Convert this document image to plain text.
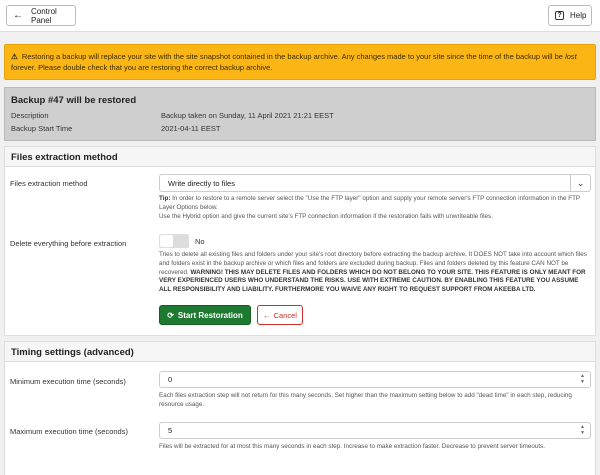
← Control Panel	? Help
⚠ Restoring a backup will replace your site with the site snapshot contained in the backup archive. Any changes made to your site since the time of the backup will be lost forever. Please double check that you are restoring the correct backup archive.
Backup #47 will be restored
Description	Backup taken on Sunday, 11 April 2021 21:21 EEST
Backup Start Time	2021-04-11 EEST
Files extraction method
Files extraction method	Write directly to files	⌄
Tip: In order to restore to a remote server select the "Use the FTP layer" option and supply your remote server's FTP connection information in the FTP Layer Options below.
Use the Hybrid option and give the current site's FTP connection information if the restoration fails with unwriteable files.
Delete everything before extraction	No
Tries to delete all existing files and folders under your site's root directory before extracting the backup archive. It DOES NOT take into account which files and folders exist in the backup archive or which files and folders are excluded during backup. Files and folders deleted by this feature CAN NOT be recovered. WARNING! THIS MAY DELETE FILES AND FOLDERS WHICH DO NOT BELONG TO YOUR SITE. THIS FEATURE IS ONLY MEANT FOR VERY EXPERIENCED USERS WHO UNDERSTAND THE RISKS. USE WITH EXTREME CAUTION. BY ENABLING THIS FEATURE YOU ASSUME ALL RESPONSIBILITY AND LIABILITY. FURTHERMORE YOU WAIVE ANY RIGHT TO REQUEST SUPPORT FROM AKEEBA LTD.
⟳ Start Restoration	← Cancel
Timing settings (advanced)
Minimum execution time (seconds)	0	▲
▼
Each files extraction step will not return for this many seconds. Set higher than the maximum setting below to add "dead time" in each step, reducing resource usage.
Maximum execution time (seconds)	5	▲
▼
Files will be extracted for at most this many seconds in each step. Increase to make extraction faster. Decrease to prevent server timeouts.
